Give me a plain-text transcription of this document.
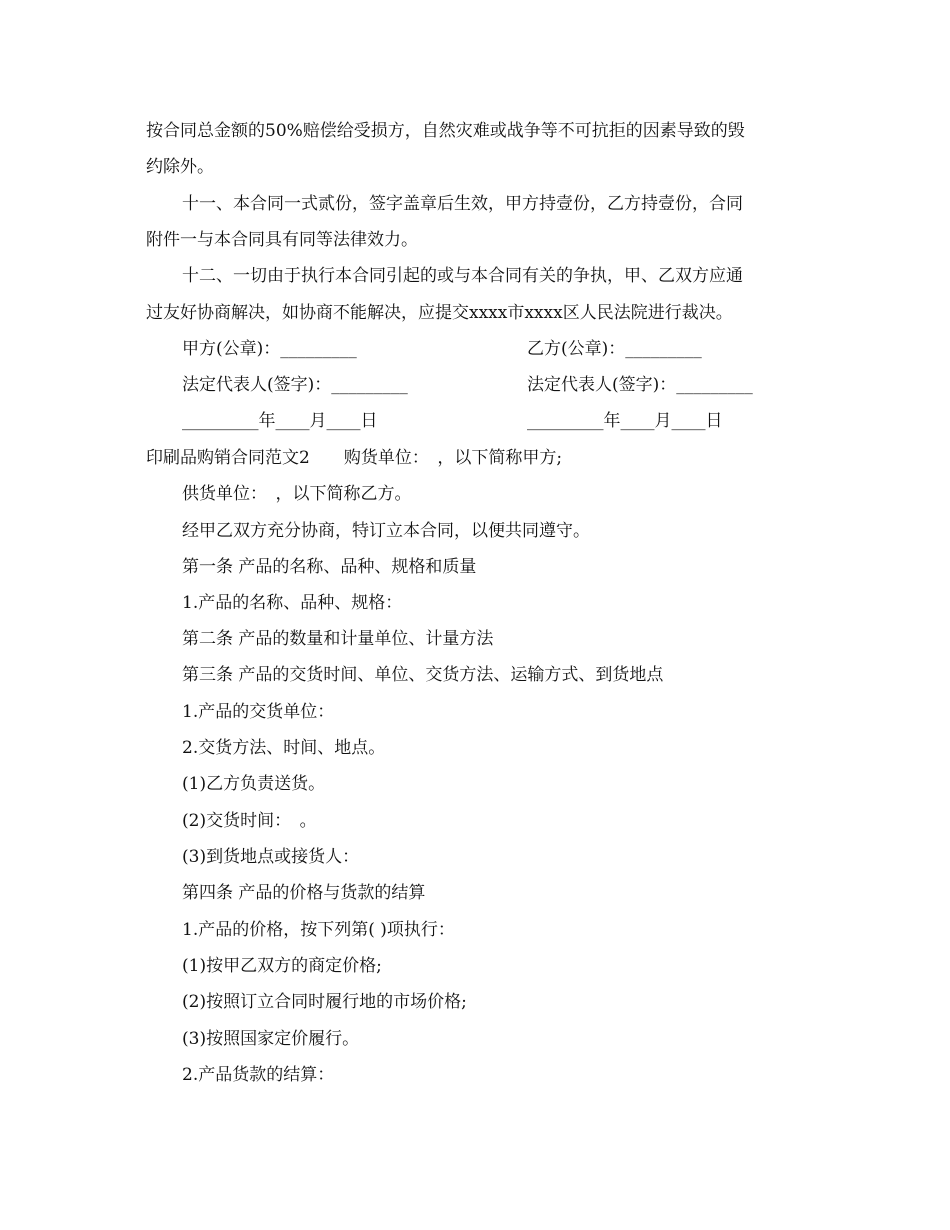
按合同总金额的50%赔偿给受损方，自然灾难或战争等不可抗拒的因素导致的毁
约除外。
十一、本合同一式贰份，签字盖章后生效，甲方持壹份，乙方持壹份，合同
附件一与本合同具有同等法律效力。
十二、一切由于执行本合同引起的或与本合同有关的争执，甲、乙双方应通
过友好协商解决，如协商不能解决，应提交xxxx市xxxx区人民法院进行裁决。
甲方(公章)：_________	乙方(公章)：_________
法定代表人(签字)：_________	法定代表人(签字)：_________
_________年____月____日	_________年____月____日
印刷品购销合同范文2　　购货单位：　，以下简称甲方;
供货单位：　，以下简称乙方。
经甲乙双方充分协商，特订立本合同，以便共同遵守。
第一条 产品的名称、品种、规格和质量
1.产品的名称、品种、规格：
第二条 产品的数量和计量单位、计量方法
第三条 产品的交货时间、单位、交货方法、运输方式、到货地点
1.产品的交货单位：
2.交货方法、时间、地点。
(1)乙方负责送货。
(2)交货时间：　。
(3)到货地点或接货人：
第四条 产品的价格与货款的结算
1.产品的价格，按下列第( )项执行：
(1)按甲乙双方的商定价格;
(2)按照订立合同时履行地的市场价格;
(3)按照国家定价履行。
2.产品货款的结算：
